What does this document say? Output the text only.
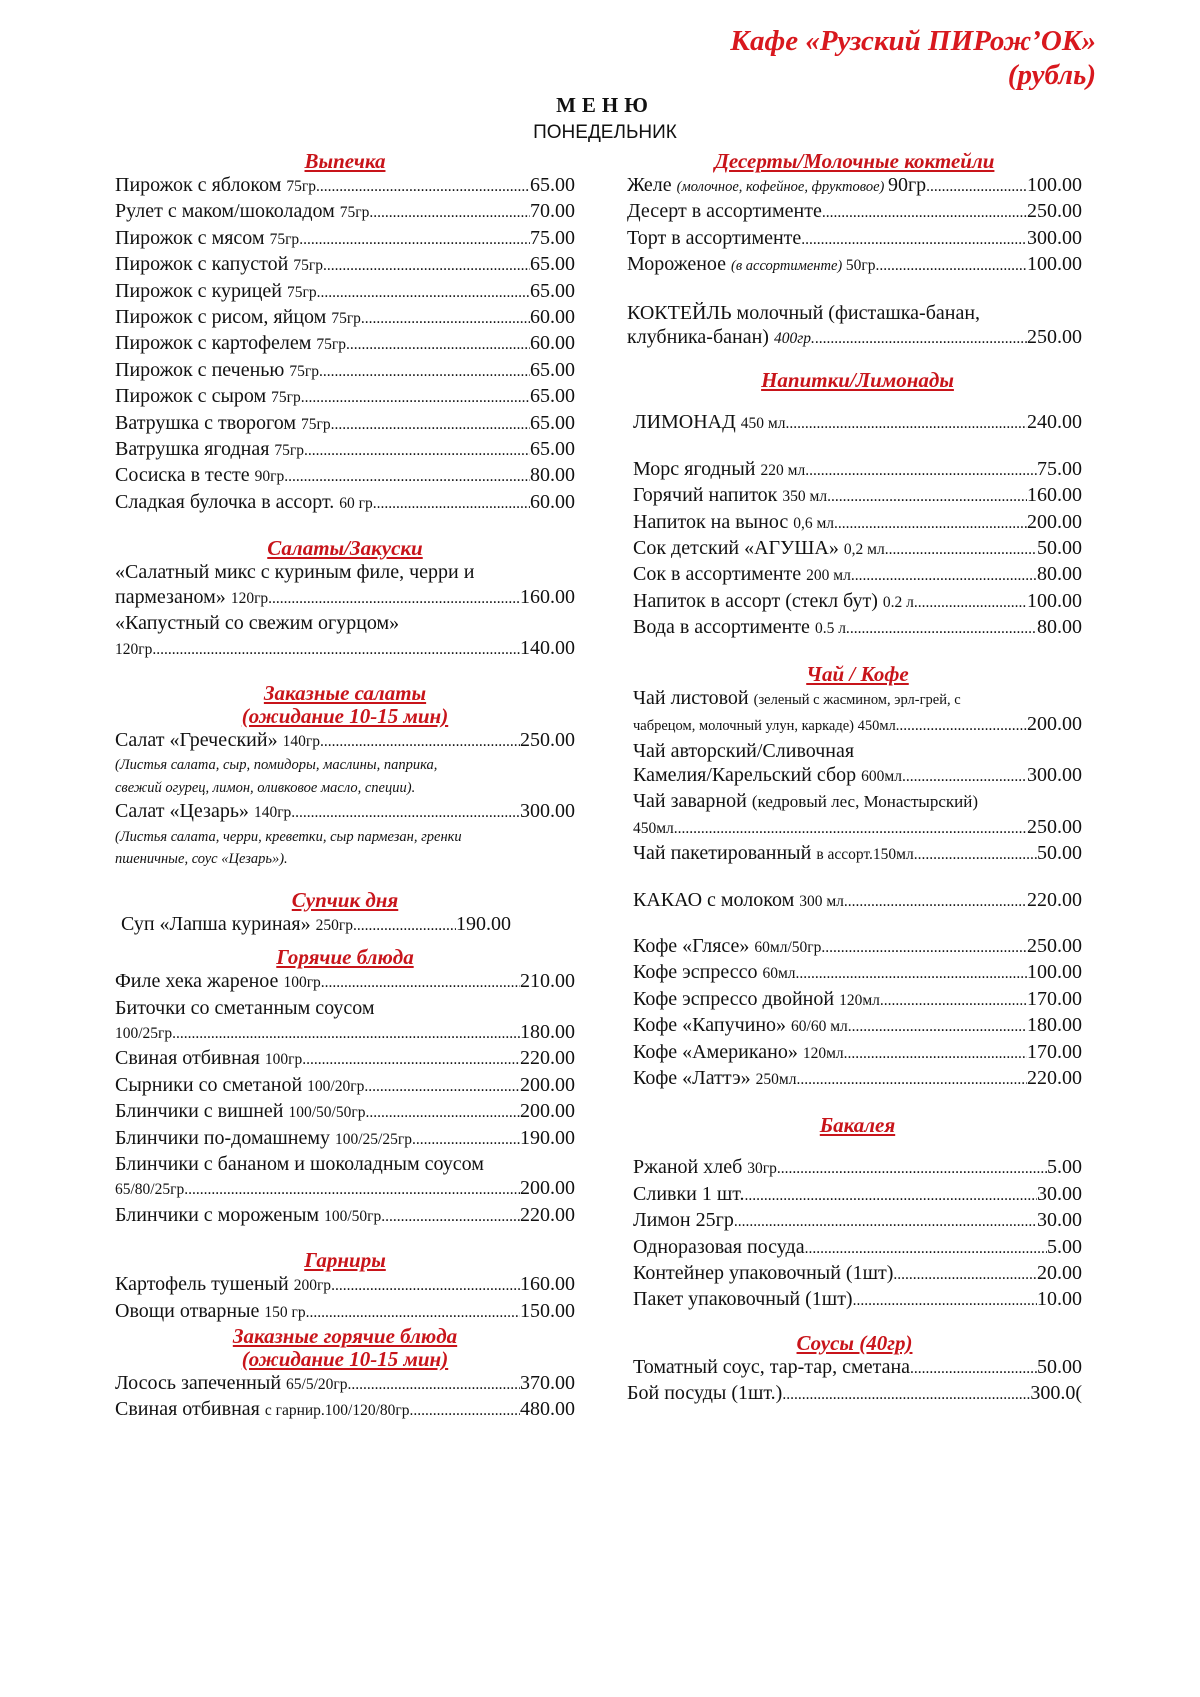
Кафе «Рузский ПИРож’ОК»
(рубль)
МЕНЮ
ПОНЕДЕЛЬНИК
Выпечка
Пирожок с яблоком 75гр .....	65.00
Рулет с маком/шоколадом 75гр .....	70.00
Пирожок с мясом 75гр .....	75.00
Пирожок с капустой 75гр .....	65.00
Пирожок с курицей 75гр .....	65.00
Пирожок с рисом, яйцом 75гр .....	60.00
Пирожок с картофелем 75гр .....	60.00
Пирожок с печенью 75гр .....	65.00
Пирожок с сыром 75гр .....	65.00
Ватрушка с творогом 75гр .....	65.00
Ватрушка ягодная 75гр .....	65.00
Сосиска в тесте 90гр .....	80.00
Сладкая булочка в ассорт. 60 гр .....	60.00
Салаты/Закуски
«Салатный микс с куриным филе, черри и
пармезаном» 120гр .....	160.00
«Капустный со свежим огурцом»
120гр .....	140.00
Заказные салаты
(ожидание 10-15 мин)
Салат «Греческий» 140гр. .....	250.00
(Листья салата, сыр, помидоры, маслины, паприка,
свежий огурец, лимон, оливковое масло, специи).
Салат «Цезарь» 140гр. .....	300.00
(Листья салата, черри, креветки, сыр пармезан, гренки
пшеничные, соус «Цезарь»).
Супчик дня
Суп «Лапша куриная» 250гр .....	190.00
Горячие блюда
Филе хека жареное 100гр .....	210.00
Биточки со сметанным соусом
100/25гр .....	180.00
Свиная отбивная 100гр .....	220.00
Сырники со сметаной 100/20гр. .....	200.00
Блинчики с вишней 100/50/50гр .....	200.00
Блинчики по-домашнему 100/25/25гр .....	190.00
Блинчики с бананом и шоколадным соусом
65/80/25гр .....	200.00
Блинчики с мороженым 100/50гр .....	220.00
Гарниры
Картофель тушеный 200гр .....	160.00
Овощи отварные 150 гр .....	150.00
Заказные горячие блюда
(ожидание 10-15 мин)
Лосось запеченный 65/5/20гр .....	370.00
Свиная отбивная с гарнир.100/120/80гр .....	480.00
Десерты/Молочные коктейли
Желе (молочное, кофейное, фруктовое) 90гр .....	100.00
Десерт в ассортименте .....	250.00
Торт в ассортименте .....	300.00
Мороженое (в ассортименте) 50гр. .....	100.00
КОКТЕЙЛЬ молочный (фисташка-банан,
клубника-банан) 400гр. .....	250.00
Напитки/Лимонады
ЛИМОНАД 450 мл .....	240.00
Морс ягодный 220 мл .....	75.00
Горячий напиток 350 мл .....	160.00
Напиток на вынос 0,6 мл .....	200.00
Сок детский «АГУША» 0,2 мл .....	50.00
Сок в ассортименте 200 мл .....	80.00
Напиток в ассорт (стекл бут) 0.2 л .....	100.00
Вода в ассортименте 0.5 л. .....	80.00
Чай / Кофе
Чай листовой (зеленый с жасмином, эрл-грей, с
чабрецом, молочный улун, каркаде) 450мл. .....	200.00
Чай авторский/Сливочная
Камелия/Карельский сбор 600мл .....	300.00
Чай заварной (кедровый лес, Монастырский)
450мл .....	250.00
Чай пакетированный в ассорт.150мл. .....	50.00
КАКАО с молоком 300 мл .....	220.00
Кофе «Глясе» 60мл/50гр .....	250.00
Кофе эспрессо 60мл .....	100.00
Кофе эспрессо двойной 120мл .....	170.00
Кофе «Капучино» 60/60 мл .....	180.00
Кофе «Американо» 120мл .....	170.00
Кофе «Латтэ» 250мл .....	220.00
Бакалея
Ржаной хлеб 30гр .....	5.00
Сливки 1 шт. .....	30.00
Лимон 25гр .....	30.00
Одноразовая посуда .....	5.00
Контейнер упаковочный (1шт) .....	20.00
Пакет упаковочный (1шт) .....	10.00
Соусы (40гр)
Томатный соус, тар-тар, сметана .....	50.00
Бой посуды (1шт.) .....	300.0(
